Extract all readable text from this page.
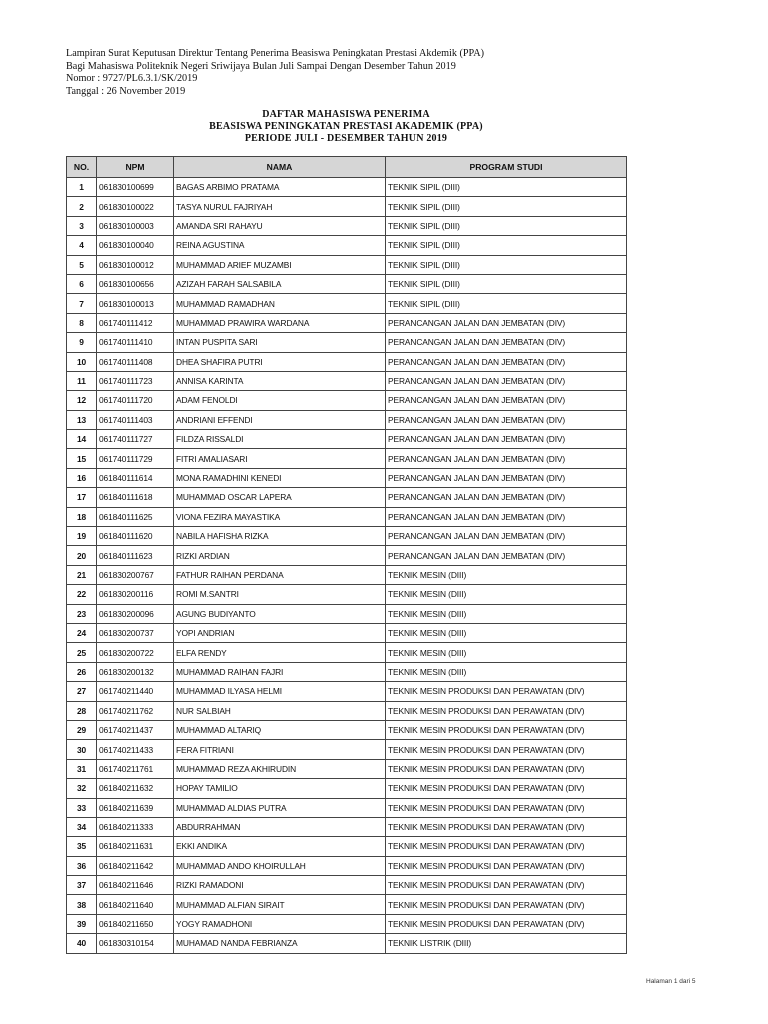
Lampiran Surat Keputusan Direktur Tentang Penerima Beasiswa Peningkatan Prestasi Akdemik (PPA)
Bagi Mahasiswa Politeknik Negeri Sriwijaya Bulan Juli Sampai Dengan Desember Tahun 2019
Nomor : 9727/PL6.3.1/SK/2019
Tanggal : 26 November 2019
DAFTAR MAHASISWA PENERIMA
BEASISWA PENINGKATAN PRESTASI AKADEMIK (PPA)
PERIODE JULI - DESEMBER TAHUN 2019
NO.	NPM	NAMA	PROGRAM STUDI
1	061830100699	BAGAS ARBIMO PRATAMA	TEKNIK SIPIL (DIII)
2	061830100022	TASYA NURUL FAJRIYAH	TEKNIK SIPIL (DIII)
3	061830100003	AMANDA SRI RAHAYU	TEKNIK SIPIL (DIII)
4	061830100040	REINA AGUSTINA	TEKNIK SIPIL (DIII)
5	061830100012	MUHAMMAD ARIEF MUZAMBI	TEKNIK SIPIL (DIII)
6	061830100656	AZIZAH FARAH SALSABILA	TEKNIK SIPIL (DIII)
7	061830100013	MUHAMMAD RAMADHAN	TEKNIK SIPIL (DIII)
8	061740111412	MUHAMMAD PRAWIRA WARDANA	PERANCANGAN JALAN DAN JEMBATAN (DIV)
9	061740111410	INTAN PUSPITA SARI	PERANCANGAN JALAN DAN JEMBATAN (DIV)
10	061740111408	DHEA SHAFIRA PUTRI	PERANCANGAN JALAN DAN JEMBATAN (DIV)
11	061740111723	ANNISA KARINTA	PERANCANGAN JALAN DAN JEMBATAN (DIV)
12	061740111720	ADAM FENOLDI	PERANCANGAN JALAN DAN JEMBATAN (DIV)
13	061740111403	ANDRIANI EFFENDI	PERANCANGAN JALAN DAN JEMBATAN (DIV)
14	061740111727	FILDZA RISSALDI	PERANCANGAN JALAN DAN JEMBATAN (DIV)
15	061740111729	FITRI AMALIASARI	PERANCANGAN JALAN DAN JEMBATAN (DIV)
16	061840111614	MONA RAMADHINI KENEDI	PERANCANGAN JALAN DAN JEMBATAN (DIV)
17	061840111618	MUHAMMAD OSCAR LAPERA	PERANCANGAN JALAN DAN JEMBATAN (DIV)
18	061840111625	VIONA FEZIRA MAYASTIKA	PERANCANGAN JALAN DAN JEMBATAN (DIV)
19	061840111620	NABILA HAFISHA RIZKA	PERANCANGAN JALAN DAN JEMBATAN (DIV)
20	061840111623	RIZKI ARDIAN	PERANCANGAN JALAN DAN JEMBATAN (DIV)
21	061830200767	FATHUR RAIHAN PERDANA	TEKNIK MESIN (DIII)
22	061830200116	ROMI M.SANTRI	TEKNIK MESIN (DIII)
23	061830200096	AGUNG BUDIYANTO	TEKNIK MESIN (DIII)
24	061830200737	YOPI ANDRIAN	TEKNIK MESIN (DIII)
25	061830200722	ELFA RENDY	TEKNIK MESIN (DIII)
26	061830200132	MUHAMMAD RAIHAN FAJRI	TEKNIK MESIN (DIII)
27	061740211440	MUHAMMAD ILYASA HELMI	TEKNIK MESIN PRODUKSI DAN PERAWATAN (DIV)
28	061740211762	NUR SALBIAH	TEKNIK MESIN PRODUKSI DAN PERAWATAN (DIV)
29	061740211437	MUHAMMAD ALTARIQ	TEKNIK MESIN PRODUKSI DAN PERAWATAN (DIV)
30	061740211433	FERA FITRIANI	TEKNIK MESIN PRODUKSI DAN PERAWATAN (DIV)
31	061740211761	MUHAMMAD REZA AKHIRUDIN	TEKNIK MESIN PRODUKSI DAN PERAWATAN (DIV)
32	061840211632	HOPAY TAMILIO	TEKNIK MESIN PRODUKSI DAN PERAWATAN (DIV)
33	061840211639	MUHAMMAD ALDIAS PUTRA	TEKNIK MESIN PRODUKSI DAN PERAWATAN (DIV)
34	061840211333	ABDURRAHMAN	TEKNIK MESIN PRODUKSI DAN PERAWATAN (DIV)
35	061840211631	EKKI ANDIKA	TEKNIK MESIN PRODUKSI DAN PERAWATAN (DIV)
36	061840211642	MUHAMMAD ANDO KHOIRULLAH	TEKNIK MESIN PRODUKSI DAN PERAWATAN (DIV)
37	061840211646	RIZKI RAMADONI	TEKNIK MESIN PRODUKSI DAN PERAWATAN (DIV)
38	061840211640	MUHAMMAD ALFIAN SIRAIT	TEKNIK MESIN PRODUKSI DAN PERAWATAN (DIV)
39	061840211650	YOGY RAMADHONI	TEKNIK MESIN PRODUKSI DAN PERAWATAN (DIV)
40	061830310154	MUHAMAD NANDA FEBRIANZA	TEKNIK LISTRIK (DIII)
Halaman 1 dari 5
